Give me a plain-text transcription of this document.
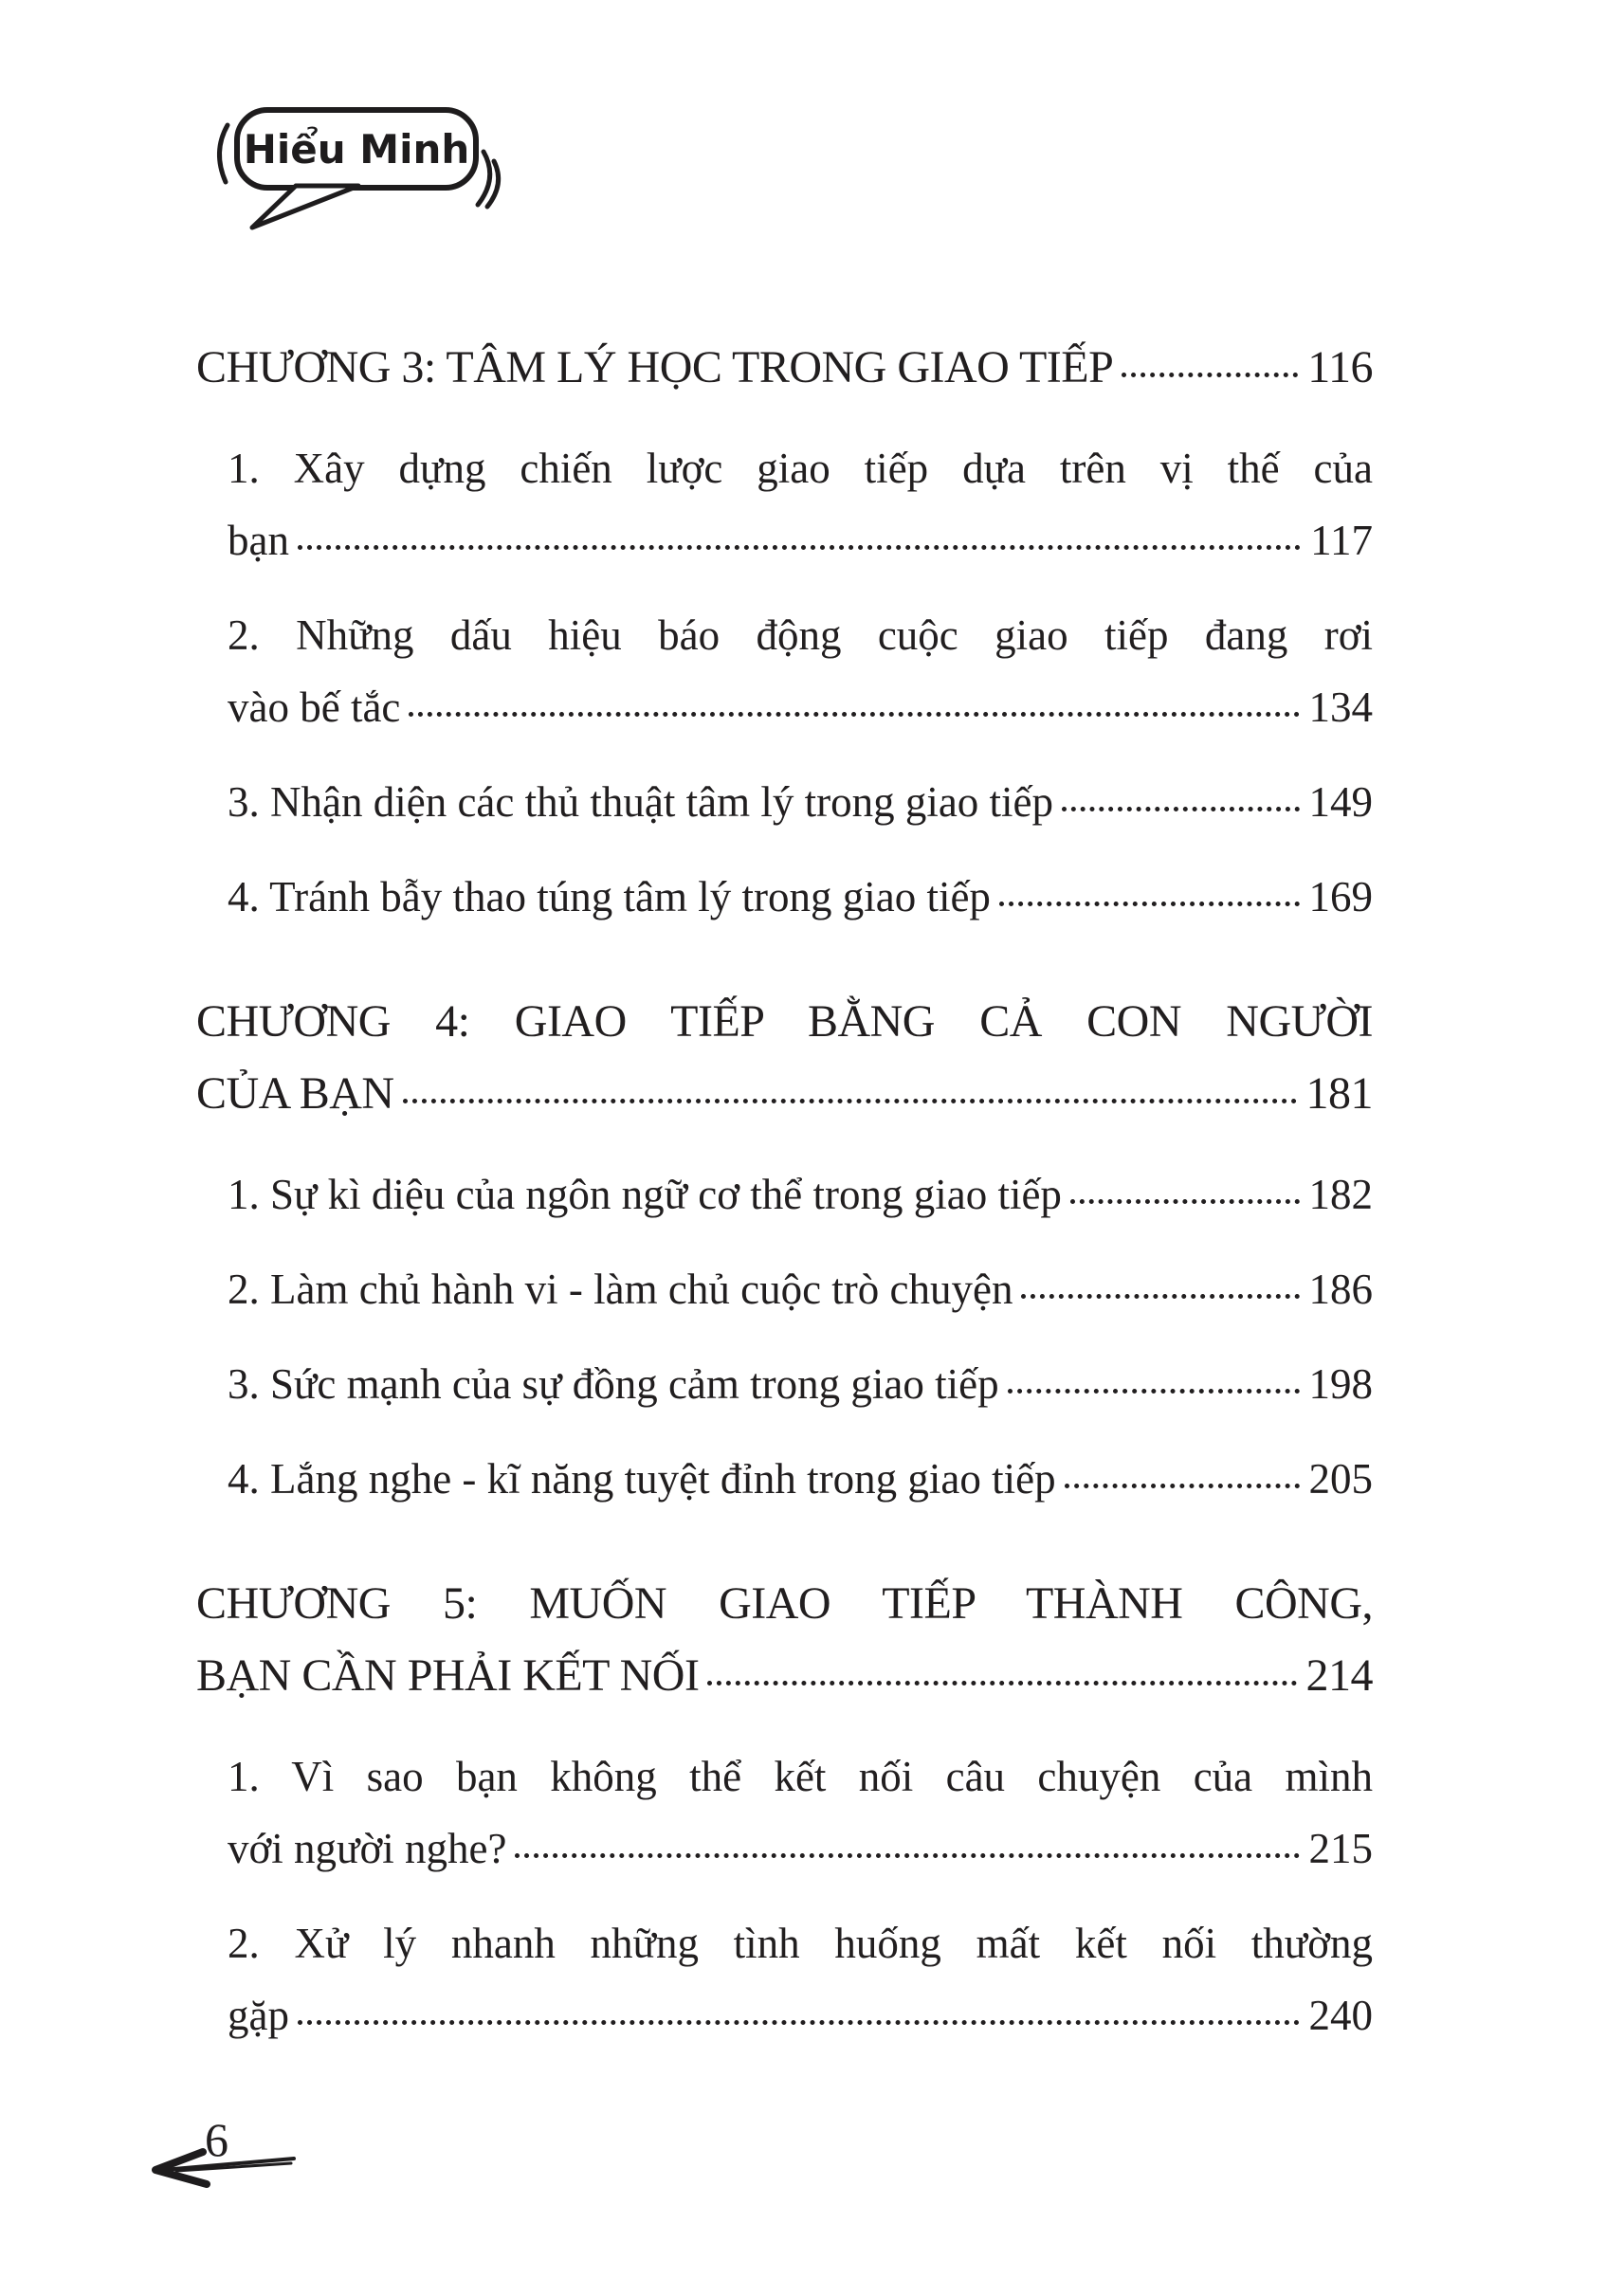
Hiểu Minh
CHƯƠNG 3: TÂM LÝ HỌC TRONG GIAO TIẾP	116
1. Xây dựng chiến lược giao tiếp dựa trên vị thế của
bạn	117
2. Những dấu hiệu báo động cuộc giao tiếp đang rơi
vào bế tắc	134
3. Nhận diện các thủ thuật tâm lý trong giao tiếp	149
4. Tránh bẫy thao túng tâm lý trong giao tiếp	169
CHƯƠNG 4: GIAO TIẾP BẰNG CẢ CON NGƯỜI
CỦA BẠN	181
1. Sự kì diệu của ngôn ngữ cơ thể trong giao tiếp	182
2. Làm chủ hành vi - làm chủ cuộc trò chuyện	186
3. Sức mạnh của sự đồng cảm trong giao tiếp	198
4. Lắng nghe - kĩ năng tuyệt đỉnh trong giao tiếp	205
CHƯƠNG 5: MUỐN GIAO TIẾP THÀNH CÔNG,
BẠN CẦN PHẢI KẾT NỐI	214
1. Vì sao bạn không thể kết nối câu chuyện của mình
với người nghe?	215
2. Xử lý nhanh những tình huống mất kết nối thường
gặp	240
6
